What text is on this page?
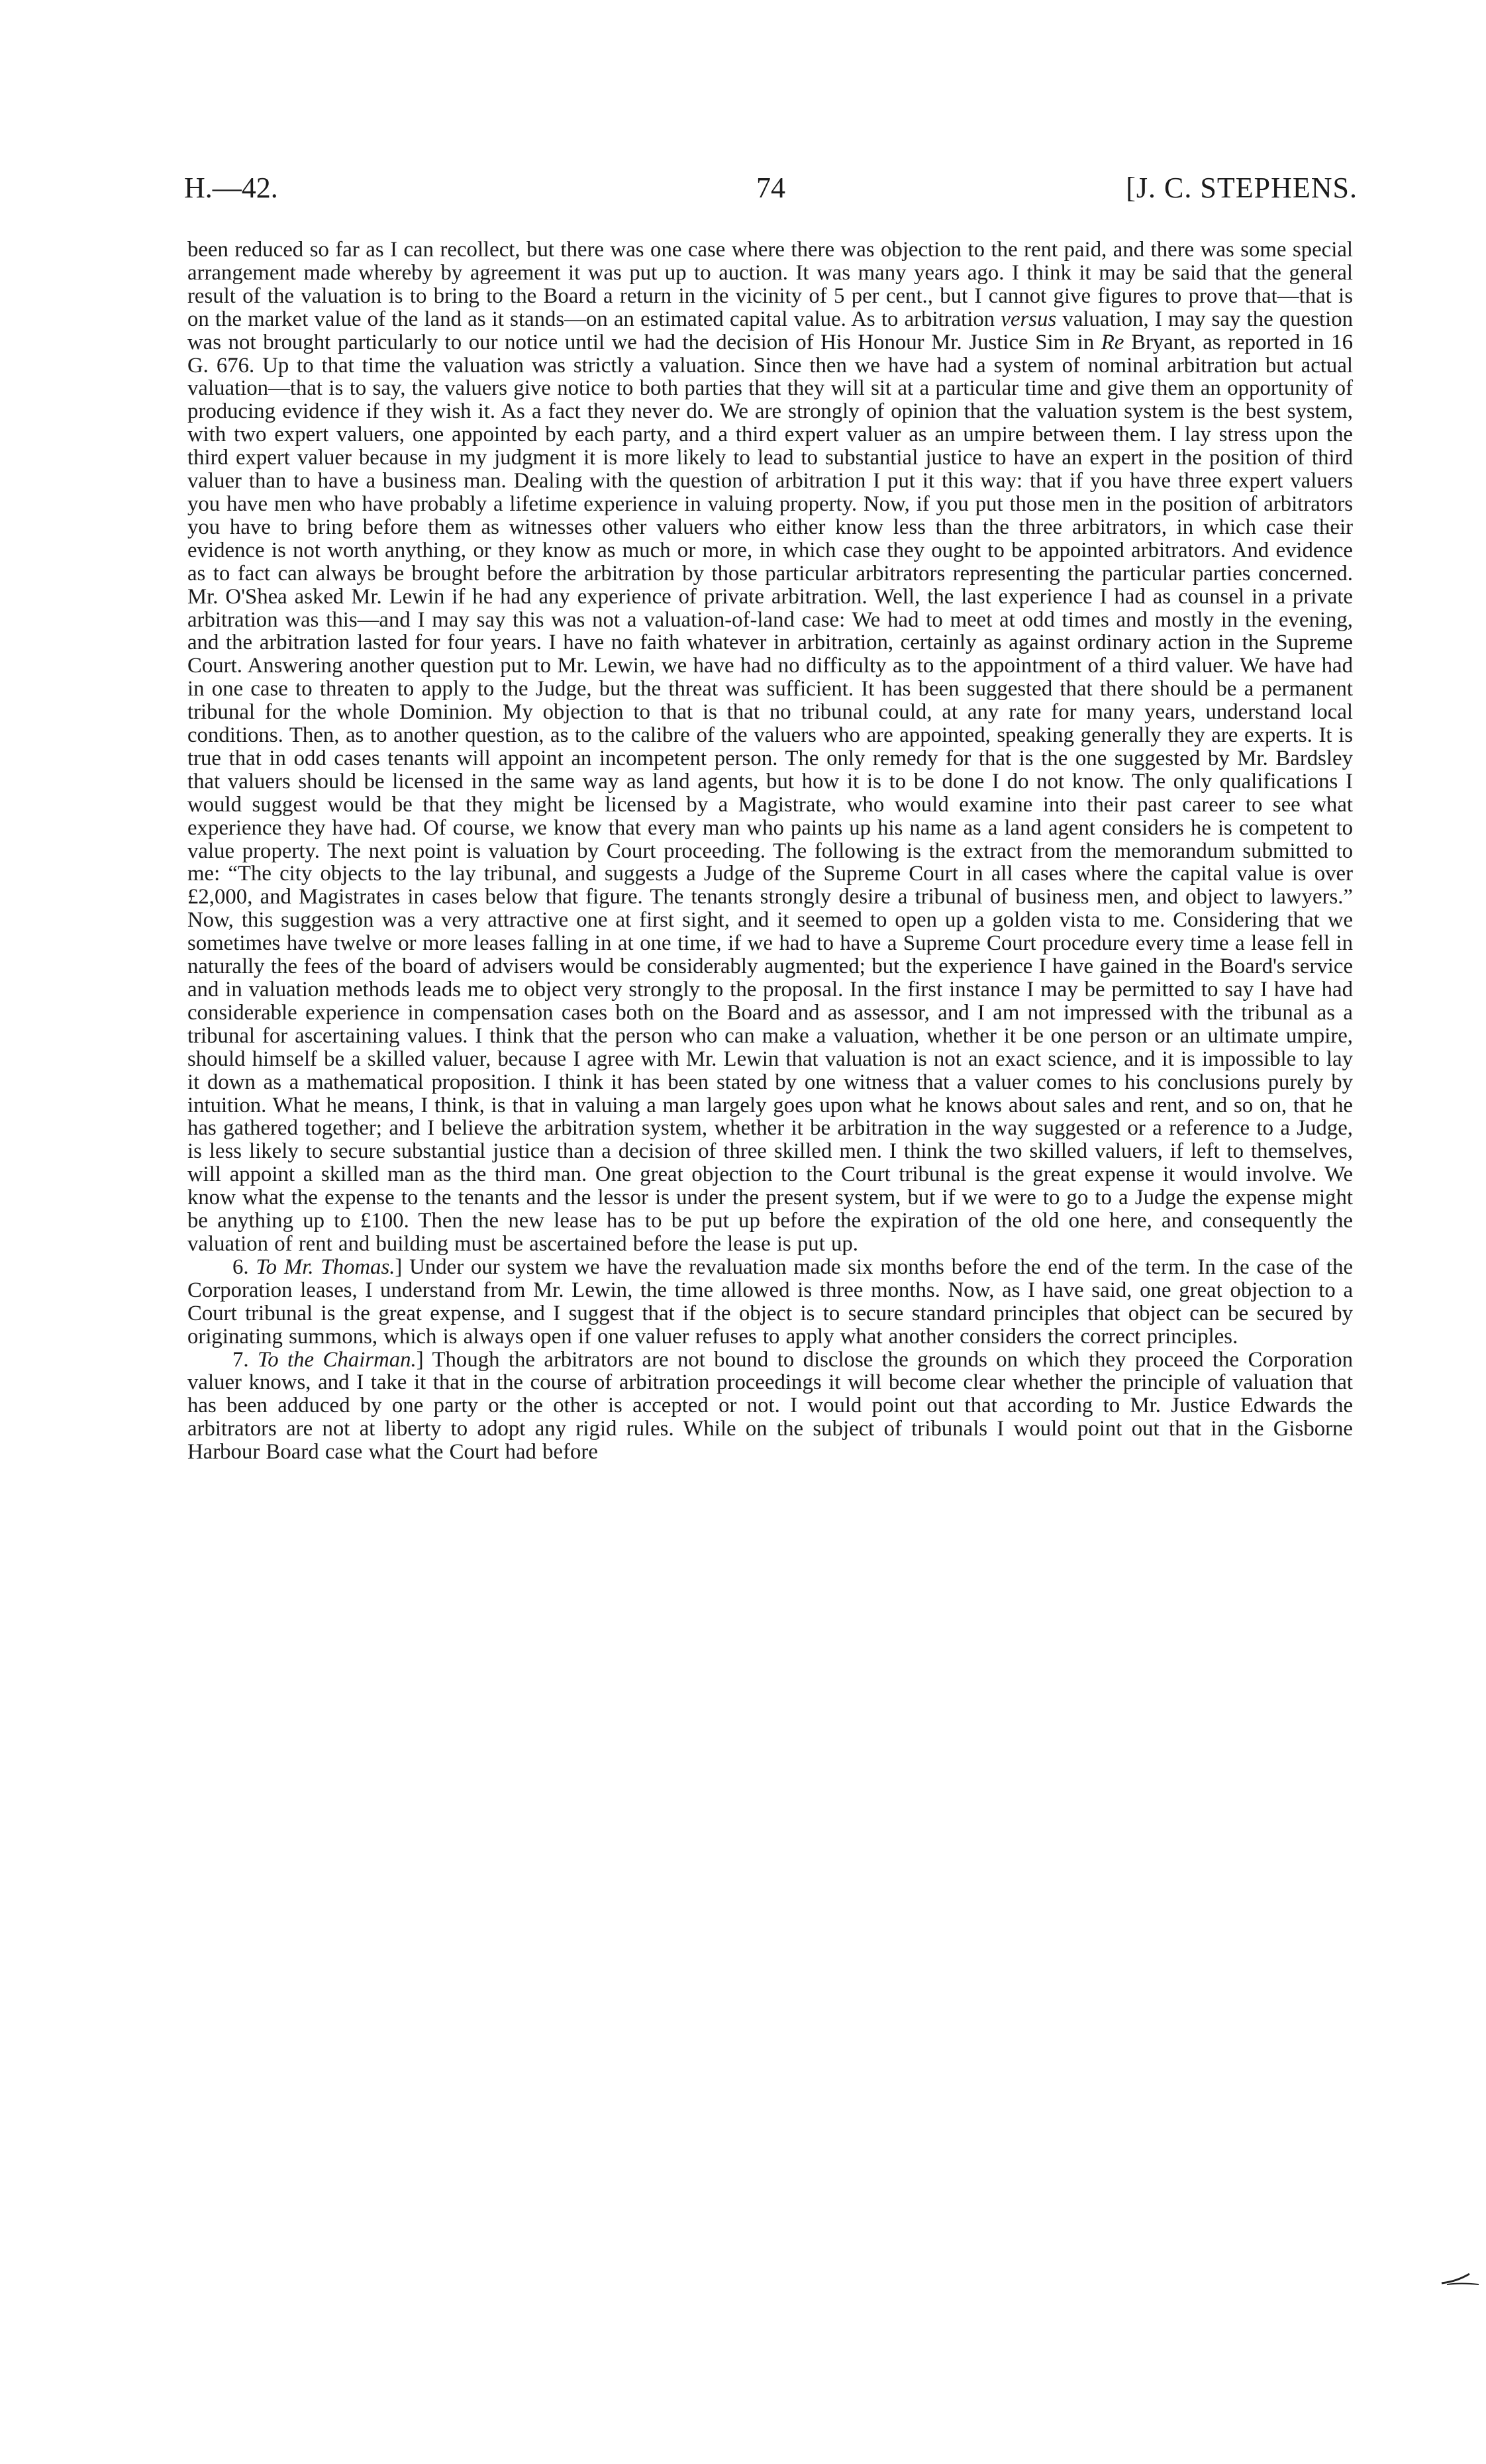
H.—42.	74	[J. C. STEPHENS.

been reduced so far as I can recollect, but there was one case where there was objection to the rent paid, and there was some special arrangement made whereby by agreement it was put up to auction. It was many years ago. I think it may be said that the general result of the valuation is to bring to the Board a return in the vicinity of 5 per cent., but I cannot give figures to prove that—that is on the market value of the land as it stands—on an estimated capital value. As to arbitration versus valuation, I may say the question was not brought particularly to our notice until we had the decision of His Honour Mr. Justice Sim in Re Bryant, as reported in 16 G. 676. Up to that time the valuation was strictly a valuation. Since then we have had a system of nominal arbitration but actual valuation—that is to say, the valuers give notice to both parties that they will sit at a particular time and give them an opportunity of producing evidence if they wish it. As a fact they never do. We are strongly of opinion that the valuation system is the best system, with two expert valuers, one appointed by each party, and a third expert valuer as an umpire between them. I lay stress upon the third expert valuer because in my judgment it is more likely to lead to substantial justice to have an expert in the position of third valuer than to have a business man. Dealing with the question of arbitration I put it this way: that if you have three expert valuers you have men who have probably a lifetime experience in valuing property. Now, if you put those men in the position of arbitrators you have to bring before them as witnesses other valuers who either know less than the three arbitrators, in which case their evidence is not worth anything, or they know as much or more, in which case they ought to be appointed arbitrators. And evidence as to fact can always be brought before the arbitration by those particular arbitrators representing the particular parties concerned. Mr. O'Shea asked Mr. Lewin if he had any experience of private arbitration. Well, the last experience I had as counsel in a private arbitration was this—and I may say this was not a valuation-of-land case: We had to meet at odd times and mostly in the evening, and the arbitration lasted for four years. I have no faith whatever in arbitration, certainly as against ordinary action in the Supreme Court. Answering another question put to Mr. Lewin, we have had no difficulty as to the appointment of a third valuer. We have had in one case to threaten to apply to the Judge, but the threat was sufficient. It has been suggested that there should be a permanent tribunal for the whole Dominion. My objection to that is that no tribunal could, at any rate for many years, understand local conditions. Then, as to another question, as to the calibre of the valuers who are appointed, speaking generally they are experts. It is true that in odd cases tenants will appoint an incompetent person. The only remedy for that is the one suggested by Mr. Bardsley that valuers should be licensed in the same way as land agents, but how it is to be done I do not know. The only qualifications I would suggest would be that they might be licensed by a Magistrate, who would examine into their past career to see what experience they have had. Of course, we know that every man who paints up his name as a land agent considers he is competent to value property. The next point is valuation by Court proceeding. The following is the extract from the memorandum submitted to me: “The city objects to the lay tribunal, and suggests a Judge of the Supreme Court in all cases where the capital value is over £2,000, and Magistrates in cases below that figure. The tenants strongly desire a tribunal of business men, and object to lawyers.” Now, this suggestion was a very attractive one at first sight, and it seemed to open up a golden vista to me. Considering that we sometimes have twelve or more leases falling in at one time, if we had to have a Supreme Court procedure every time a lease fell in naturally the fees of the board of advisers would be considerably augmented; but the experience I have gained in the Board's service and in valuation methods leads me to object very strongly to the proposal. In the first instance I may be permitted to say I have had considerable experience in compensation cases both on the Board and as assessor, and I am not impressed with the tribunal as a tribunal for ascertaining values. I think that the person who can make a valuation, whether it be one person or an ultimate umpire, should himself be a skilled valuer, because I agree with Mr. Lewin that valuation is not an exact science, and it is impossible to lay it down as a mathematical proposition. I think it has been stated by one witness that a valuer comes to his conclusions purely by intuition. What he means, I think, is that in valuing a man largely goes upon what he knows about sales and rent, and so on, that he has gathered together; and I believe the arbitration system, whether it be arbitration in the way suggested or a reference to a Judge, is less likely to secure substantial justice than a decision of three skilled men. I think the two skilled valuers, if left to themselves, will appoint a skilled man as the third man. One great objection to the Court tribunal is the great expense it would involve. We know what the expense to the tenants and the lessor is under the present system, but if we were to go to a Judge the expense might be anything up to £100. Then the new lease has to be put up before the expiration of the old one here, and consequently the valuation of rent and building must be ascertained before the lease is put up.

6. To Mr. Thomas.] Under our system we have the revaluation made six months before the end of the term. In the case of the Corporation leases, I understand from Mr. Lewin, the time allowed is three months. Now, as I have said, one great objection to a Court tribunal is the great expense, and I suggest that if the object is to secure standard principles that object can be secured by originating summons, which is always open if one valuer refuses to apply what another considers the correct principles.

7. To the Chairman.] Though the arbitrators are not bound to disclose the grounds on which they proceed the Corporation valuer knows, and I take it that in the course of arbitration proceedings it will become clear whether the principle of valuation that has been adduced by one party or the other is accepted or not. I would point out that according to Mr. Justice Edwards the arbitrators are not at liberty to adopt any rigid rules. While on the subject of tribunals I would point out that in the Gisborne Harbour Board case what the Court had before
